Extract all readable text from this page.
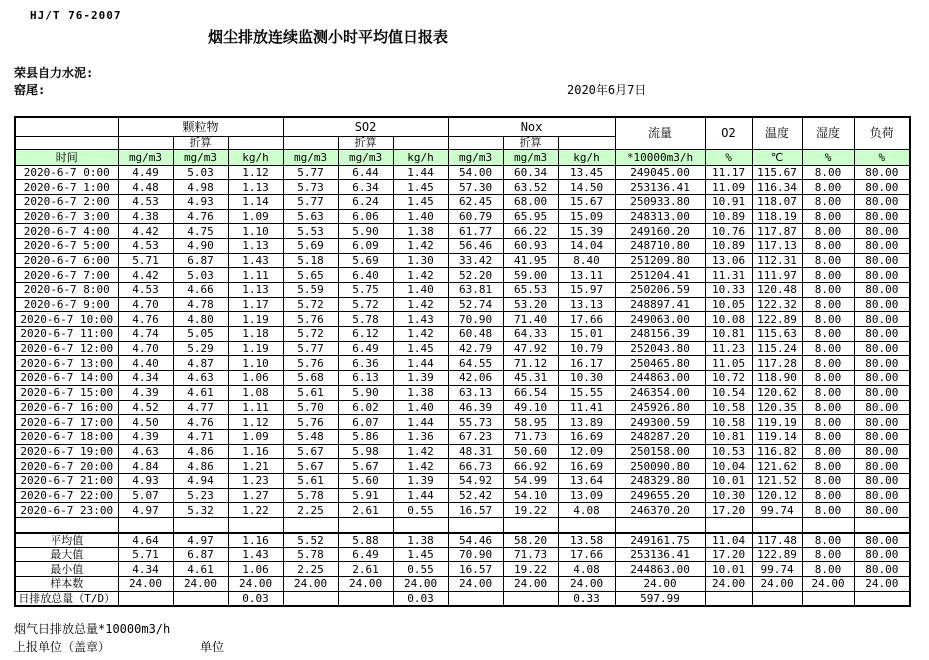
HJ/T 76-2007
烟尘排放连续监测小时平均值日报表
荣县自力水泥:
窑尾:	2020年6月7日
	颗粒物			SO2			Nox			流量	O2	温度	湿度	负荷
		折算			折算			折算						
时间	mg/m3	mg/m3	kg/h	mg/m3	mg/m3	kg/h	mg/m3	mg/m3	kg/h	*10000m3/h	%	℃	%	%
2020-6-7 0:00	4.49	5.03	1.12	5.77	6.44	1.44	54.00	60.34	13.45	249045.00	11.17	115.67	8.00	80.00
2020-6-7 1:00	4.48	4.98	1.13	5.73	6.34	1.45	57.30	63.52	14.50	253136.41	11.09	116.34	8.00	80.00
2020-6-7 2:00	4.53	4.93	1.14	5.77	6.24	1.45	62.45	68.00	15.67	250933.80	10.91	118.07	8.00	80.00
2020-6-7 3:00	4.38	4.76	1.09	5.63	6.06	1.40	60.79	65.95	15.09	248313.00	10.89	118.19	8.00	80.00
2020-6-7 4:00	4.42	4.75	1.10	5.53	5.90	1.38	61.77	66.22	15.39	249160.20	10.76	117.87	8.00	80.00
2020-6-7 5:00	4.53	4.90	1.13	5.69	6.09	1.42	56.46	60.93	14.04	248710.80	10.89	117.13	8.00	80.00
2020-6-7 6:00	5.71	6.87	1.43	5.18	5.69	1.30	33.42	41.95	8.40	251209.80	13.06	112.31	8.00	80.00
2020-6-7 7:00	4.42	5.03	1.11	5.65	6.40	1.42	52.20	59.00	13.11	251204.41	11.31	111.97	8.00	80.00
2020-6-7 8:00	4.53	4.66	1.13	5.59	5.75	1.40	63.81	65.53	15.97	250206.59	10.33	120.48	8.00	80.00
2020-6-7 9:00	4.70	4.78	1.17	5.72	5.72	1.42	52.74	53.20	13.13	248897.41	10.05	122.32	8.00	80.00
2020-6-7 10:00	4.76	4.80	1.19	5.76	5.78	1.43	70.90	71.40	17.66	249063.00	10.08	122.89	8.00	80.00
2020-6-7 11:00	4.74	5.05	1.18	5.72	6.12	1.42	60.48	64.33	15.01	248156.39	10.81	115.63	8.00	80.00
2020-6-7 12:00	4.70	5.29	1.19	5.77	6.49	1.45	42.79	47.92	10.79	252043.80	11.23	115.24	8.00	80.00
2020-6-7 13:00	4.40	4.87	1.10	5.76	6.36	1.44	64.55	71.12	16.17	250465.80	11.05	117.28	8.00	80.00
2020-6-7 14:00	4.34	4.63	1.06	5.68	6.13	1.39	42.06	45.31	10.30	244863.00	10.72	118.90	8.00	80.00
2020-6-7 15:00	4.39	4.61	1.08	5.61	5.90	1.38	63.13	66.54	15.55	246354.00	10.54	120.62	8.00	80.00
2020-6-7 16:00	4.52	4.77	1.11	5.70	6.02	1.40	46.39	49.10	11.41	245926.80	10.58	120.35	8.00	80.00
2020-6-7 17:00	4.50	4.76	1.12	5.76	6.07	1.44	55.73	58.95	13.89	249300.59	10.58	119.19	8.00	80.00
2020-6-7 18:00	4.39	4.71	1.09	5.48	5.86	1.36	67.23	71.73	16.69	248287.20	10.81	119.14	8.00	80.00
2020-6-7 19:00	4.63	4.86	1.16	5.67	5.98	1.42	48.31	50.60	12.09	250158.00	10.53	116.82	8.00	80.00
2020-6-7 20:00	4.84	4.86	1.21	5.67	5.67	1.42	66.73	66.92	16.69	250090.80	10.04	121.62	8.00	80.00
2020-6-7 21:00	4.93	4.94	1.23	5.61	5.60	1.39	54.92	54.99	13.64	248329.80	10.01	121.52	8.00	80.00
2020-6-7 22:00	5.07	5.23	1.27	5.78	5.91	1.44	52.42	54.10	13.09	249655.20	10.30	120.12	8.00	80.00
2020-6-7 23:00	4.97	5.32	1.22	2.25	2.61	0.55	16.57	19.22	4.08	246370.20	17.20	99.74	8.00	80.00

平均值	4.64	4.97	1.16	5.52	5.88	1.38	54.46	58.20	13.58	249161.75	11.04	117.48	8.00	80.00
最大值	5.71	6.87	1.43	5.78	6.49	1.45	70.90	71.73	17.66	253136.41	17.20	122.89	8.00	80.00
最小值	4.34	4.61	1.06	2.25	2.61	0.55	16.57	19.22	4.08	244863.00	10.01	99.74	8.00	80.00
样本数	24.00	24.00	24.00	24.00	24.00	24.00	24.00	24.00	24.00	24.00	24.00	24.00	24.00	24.00
日排放总量（T/D）			0.03			0.03			0.33	597.99				
烟气日排放总量*10000m3/h
上报单位（盖章）	单位
